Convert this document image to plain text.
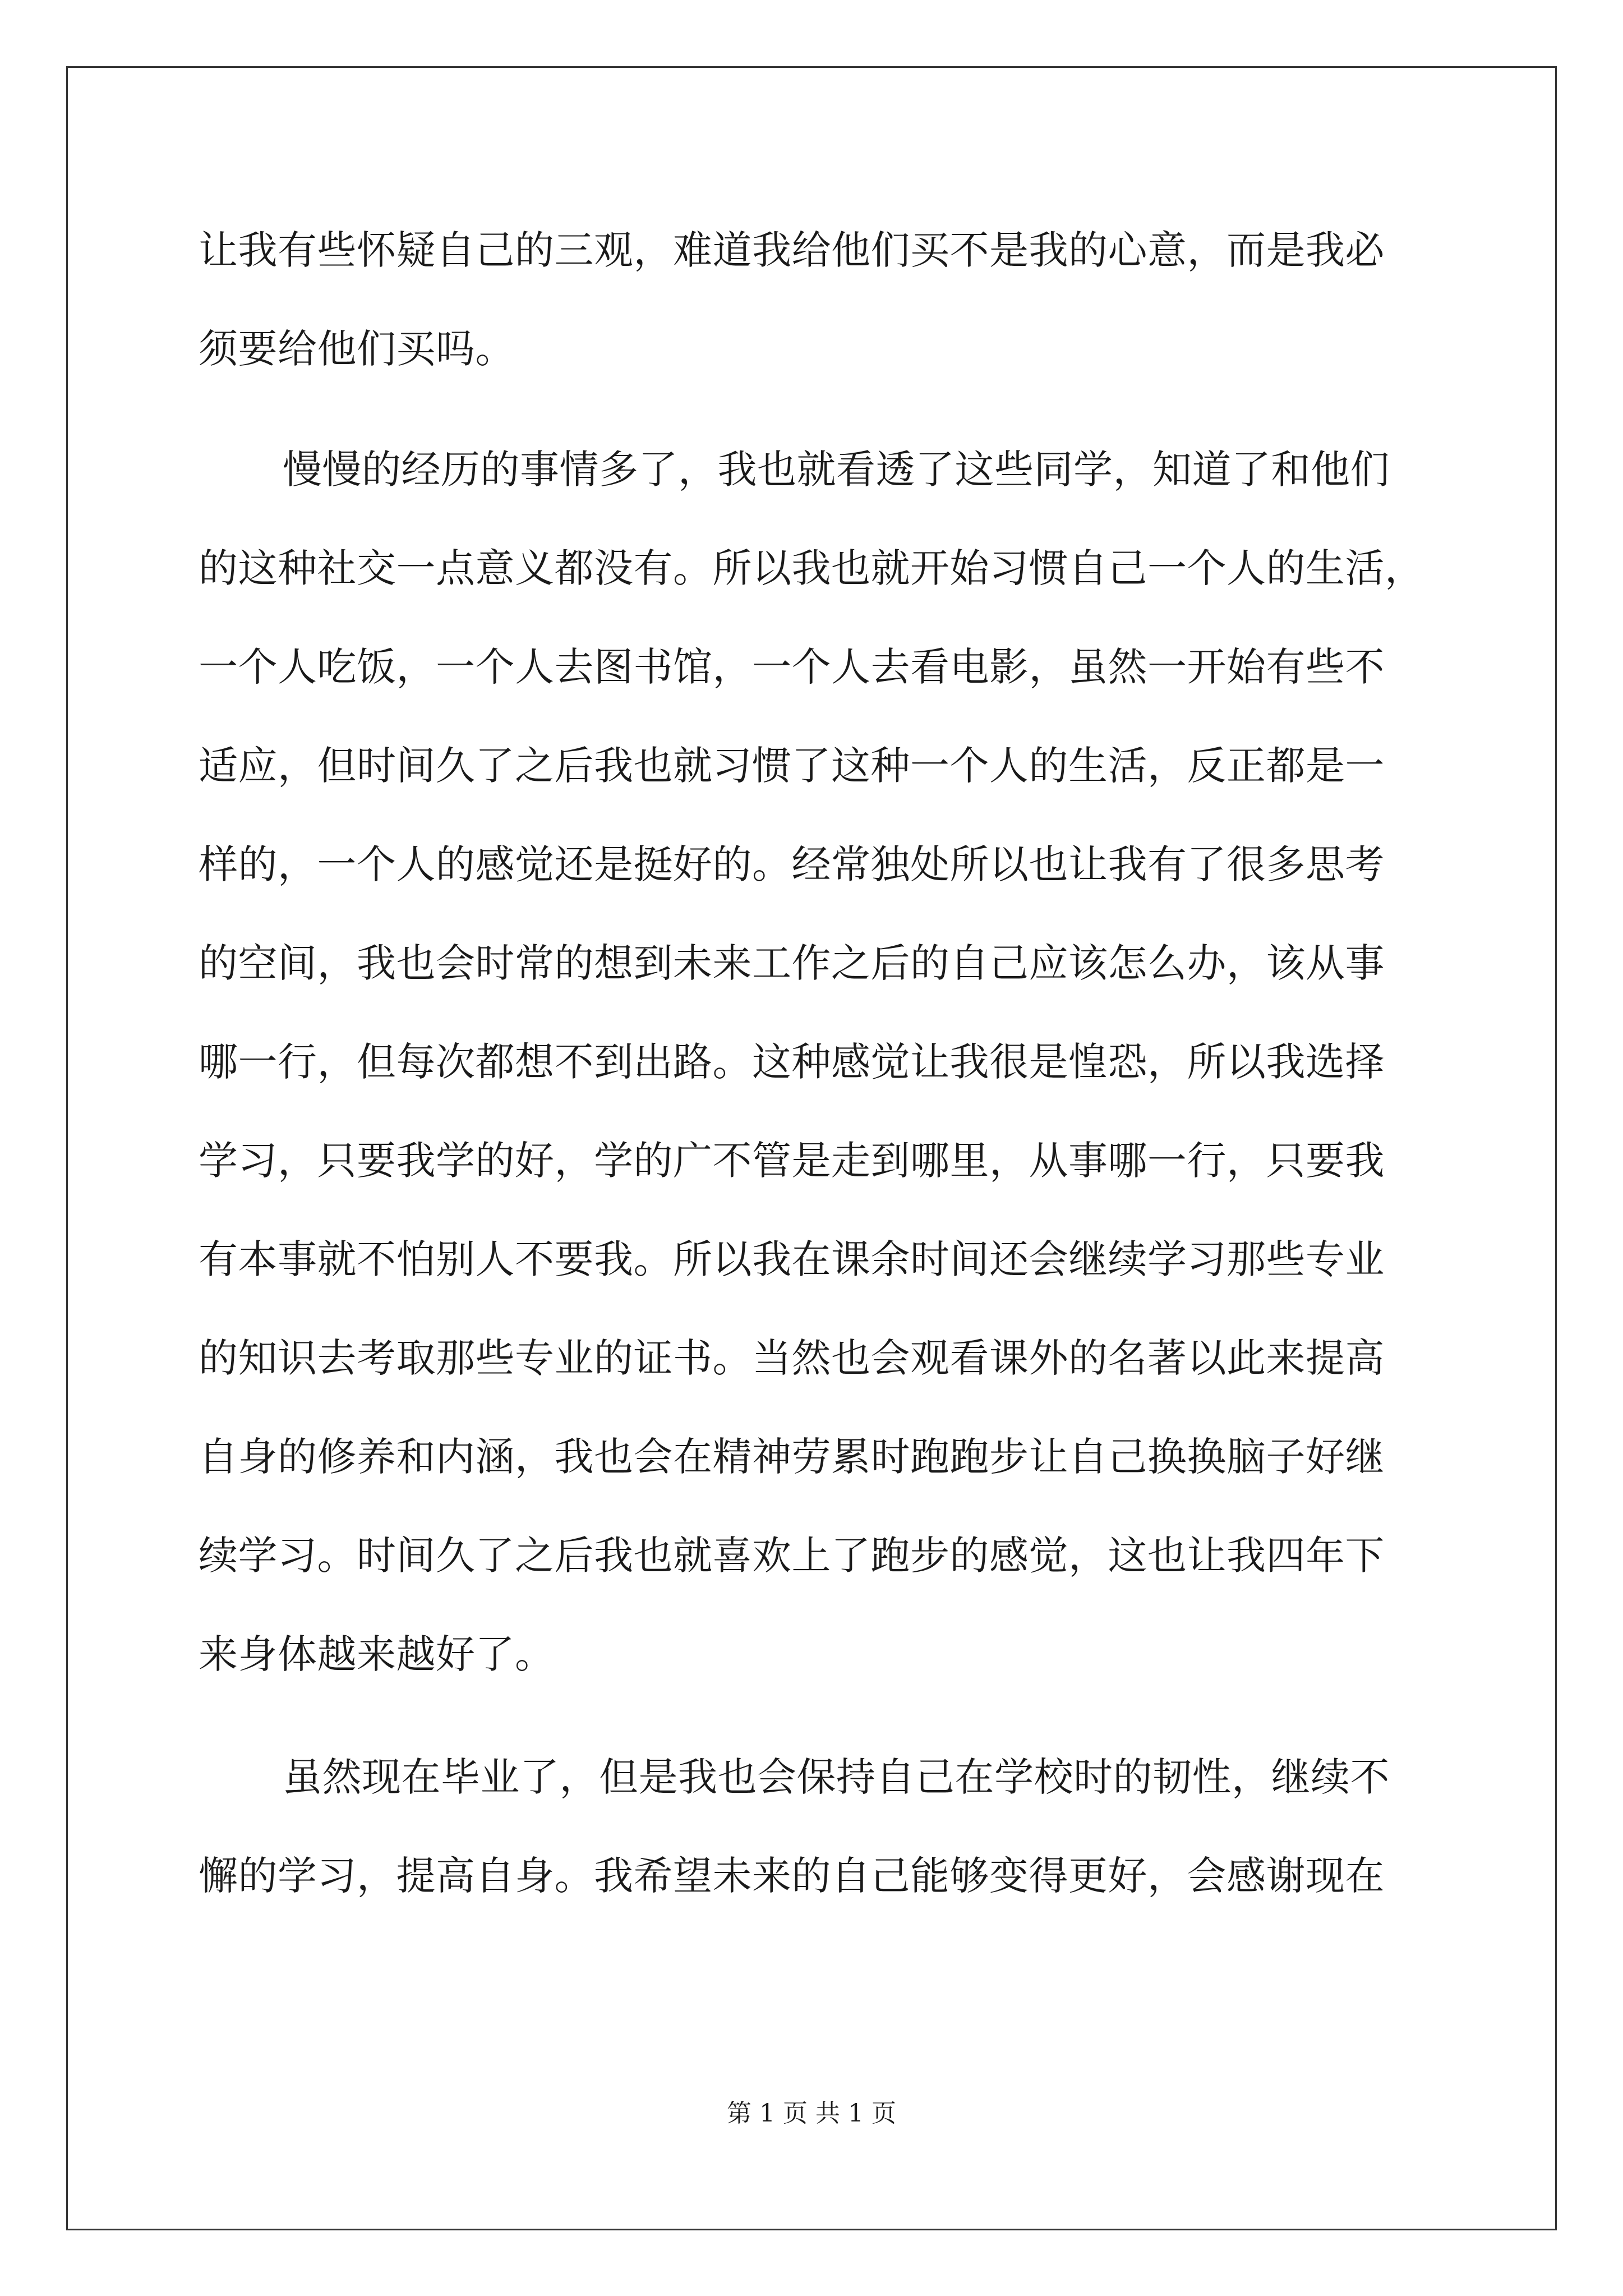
让我有些怀疑自己的三观，难道我给他们买不是我的心意，而是我必
须要给他们买吗。
慢慢的经历的事情多了，我也就看透了这些同学，知道了和他们
的这种社交一点意义都没有。所以我也就开始习惯自己一个人的生活，
一个人吃饭，一个人去图书馆，一个人去看电影，虽然一开始有些不
适应，但时间久了之后我也就习惯了这种一个人的生活，反正都是一
样的，一个人的感觉还是挺好的。经常独处所以也让我有了很多思考
的空间，我也会时常的想到未来工作之后的自己应该怎么办，该从事
哪一行，但每次都想不到出路。这种感觉让我很是惶恐，所以我选择
学习，只要我学的好，学的广不管是走到哪里，从事哪一行，只要我
有本事就不怕别人不要我。所以我在课余时间还会继续学习那些专业
的知识去考取那些专业的证书。当然也会观看课外的名著以此来提高
自身的修养和内涵，我也会在精神劳累时跑跑步让自己换换脑子好继
续学习。时间久了之后我也就喜欢上了跑步的感觉，这也让我四年下
来身体越来越好了。
虽然现在毕业了，但是我也会保持自己在学校时的韧性，继续不
懈的学习，提高自身。我希望未来的自己能够变得更好，会感谢现在
第 1 页 共 1 页
